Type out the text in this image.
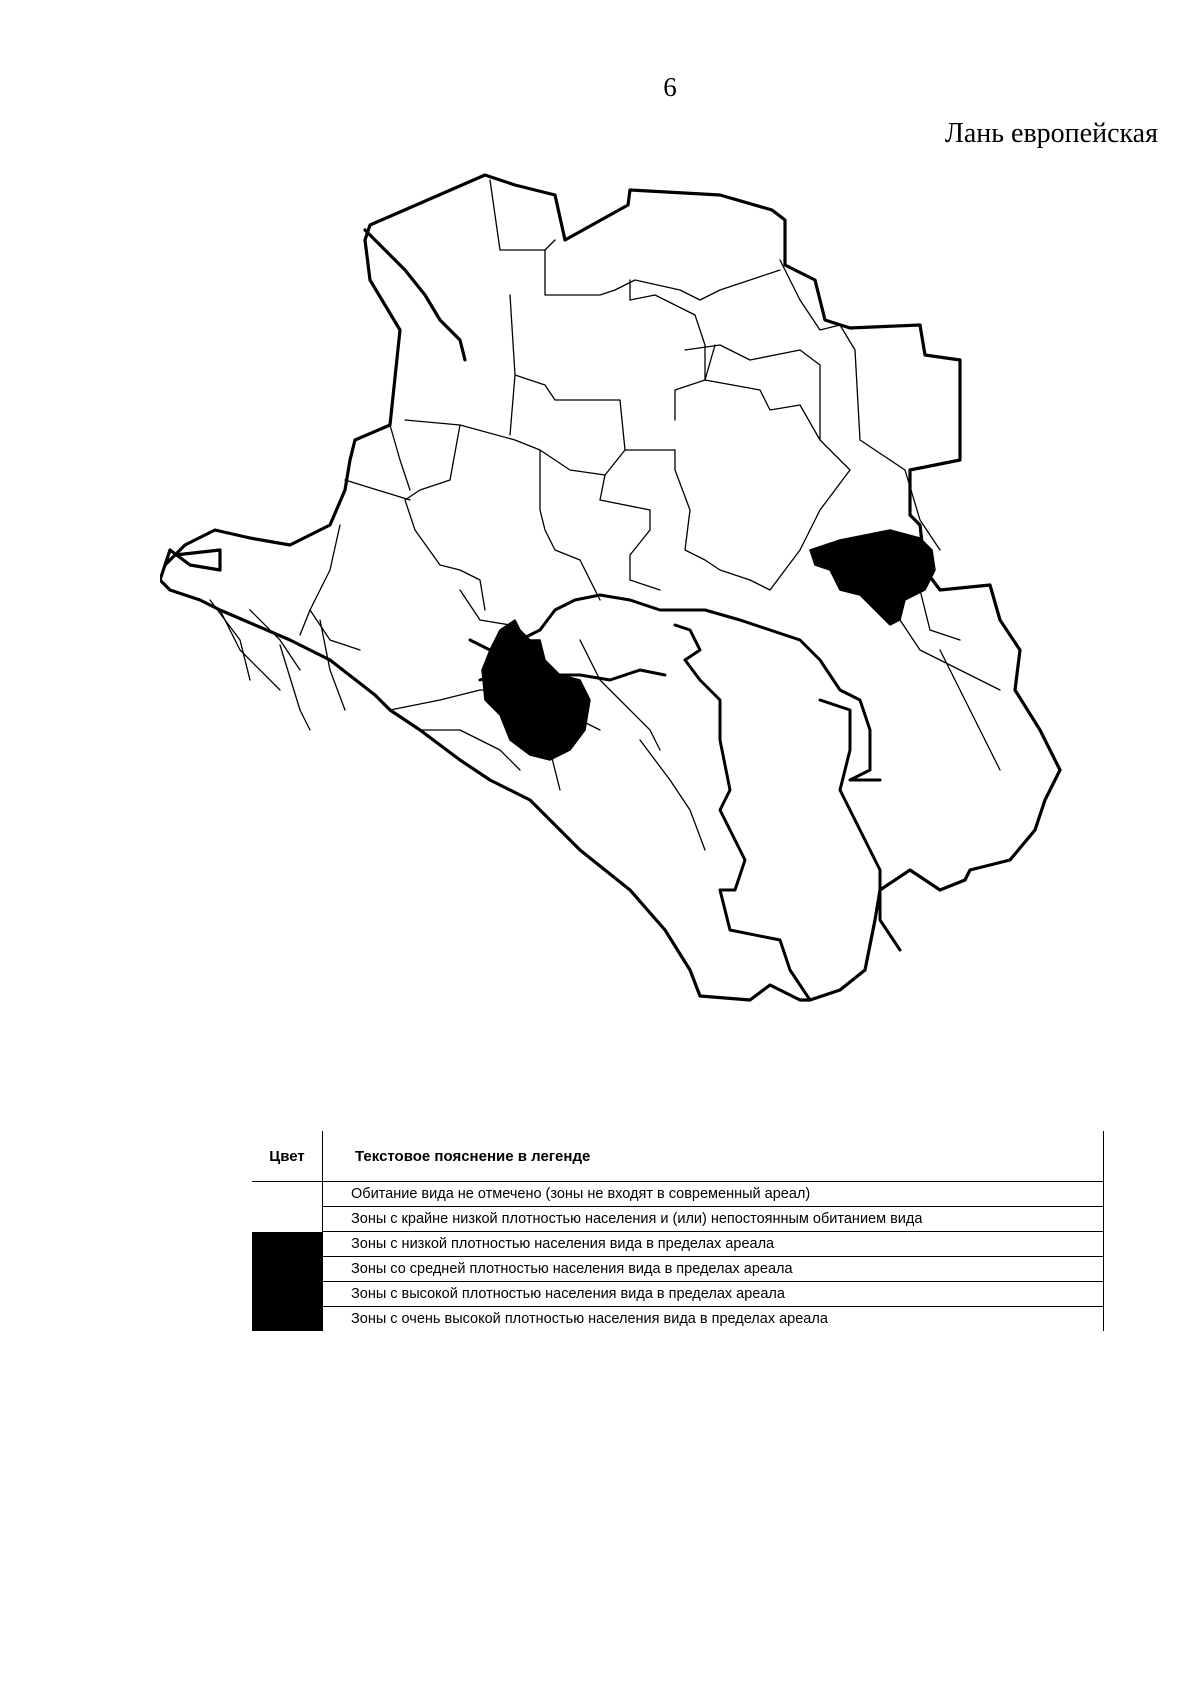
6
Лань европейская
Цвет	Текстовое пояснение в легенде
	Обитание вида не отмечено (зоны не входят в современный ареал)
	Зоны с крайне низкой плотностью населения и (или) непостоянным обитанием вида
	Зоны с низкой плотностью населения вида в пределах ареала
	Зоны со средней плотностью населения вида в пределах ареала
	Зоны с высокой плотностью населения вида в пределах ареала
	Зоны с очень высокой плотностью населения вида в пределах ареала
